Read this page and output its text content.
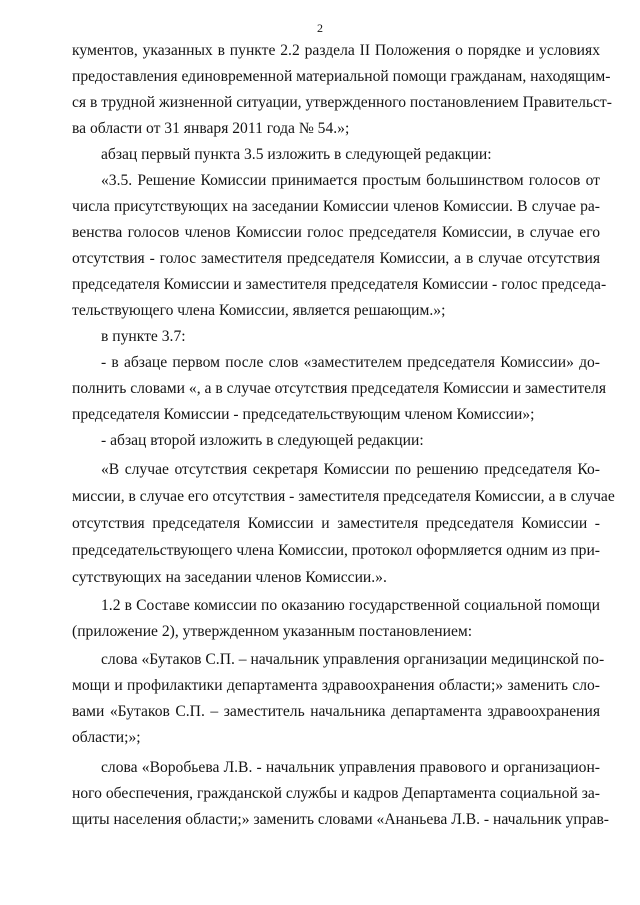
2
кументов, указанных в пункте 2.2 раздела II Положения о порядке и условиях
предоставления единовременной материальной помощи гражданам, находящим-
ся в трудной жизненной ситуации, утвержденного постановлением Правительст-
ва области от 31 января 2011 года № 54.»;
абзац первый пункта 3.5 изложить в следующей редакции:
«3.5. Решение Комиссии принимается простым большинством голосов от
числа присутствующих на заседании Комиссии членов Комиссии. В случае ра-
венства голосов членов Комиссии голос председателя Комиссии, в случае его
отсутствия - голос заместителя председателя Комиссии, а в случае отсутствия
председателя Комиссии и заместителя председателя Комиссии - голос председа-
тельствующего члена Комиссии, является решающим.»;
в пункте 3.7:
- в абзаце первом после слов «заместителем председателя Комиссии» до-
полнить словами «, а в случае отсутствия председателя Комиссии и заместителя
председателя Комиссии - председательствующим членом Комиссии»;
- абзац второй изложить в следующей редакции:
«В случае отсутствия секретаря Комиссии по решению председателя Ко-
миссии, в случае его отсутствия - заместителя председателя Комиссии, а в случае
отсутствия председателя Комиссии и заместителя председателя Комиссии -
председательствующего члена Комиссии, протокол оформляется одним из при-
сутствующих на заседании членов Комиссии.».
1.2 в Составе комиссии по оказанию государственной социальной помощи
(приложение 2), утвержденном указанным постановлением:
слова «Бутаков С.П. – начальник управления организации медицинской по-
мощи и профилактики департамента здравоохранения области;» заменить сло-
вами «Бутаков С.П. – заместитель начальника департамента здравоохранения
области;»;
слова «Воробьева Л.В. - начальник управления правового и организацион-
ного обеспечения, гражданской службы и кадров Департамента социальной за-
щиты населения области;» заменить словами «Ананьева Л.В. - начальник управ-
